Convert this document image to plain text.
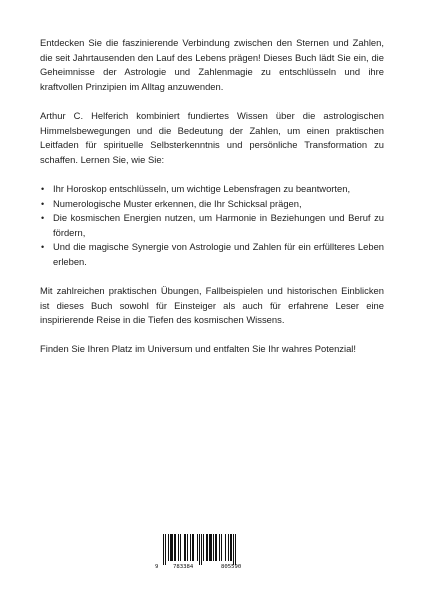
Entdecken Sie die faszinierende Verbindung zwischen den Sternen und Zahlen, die seit Jahrtausenden den Lauf des Lebens prägen! Dieses Buch lädt Sie ein, die Geheimnisse der Astrologie und Zahlenmagie zu entschlüsseln und ihre kraftvollen Prinzipien im Alltag anzuwenden.

Arthur C. Helferich kombiniert fundiertes Wissen über die astrologischen Himmelsbewegungen und die Bedeutung der Zahlen, um einen praktischen Leitfaden für spirituelle Selbsterkenntnis und persönliche Transformation zu schaffen. Lernen Sie, wie Sie:

• Ihr Horoskop entschlüsseln, um wichtige Lebensfragen zu beantworten,
• Numerologische Muster erkennen, die Ihr Schicksal prägen,
• Die kosmischen Energien nutzen, um Harmonie in Beziehungen und Beruf zu fördern,
• Und die magische Synergie von Astrologie und Zahlen für ein erfüllteres Leben erleben.

Mit zahlreichen praktischen Übungen, Fallbeispielen und historischen Einblicken ist dieses Buch sowohl für Einsteiger als auch für erfahrene Leser eine inspirierende Reise in die Tiefen des kosmischen Wissens.

Finden Sie Ihren Platz im Universum und entfalten Sie Ihr wahres Potenzial!

9	783384	805590
